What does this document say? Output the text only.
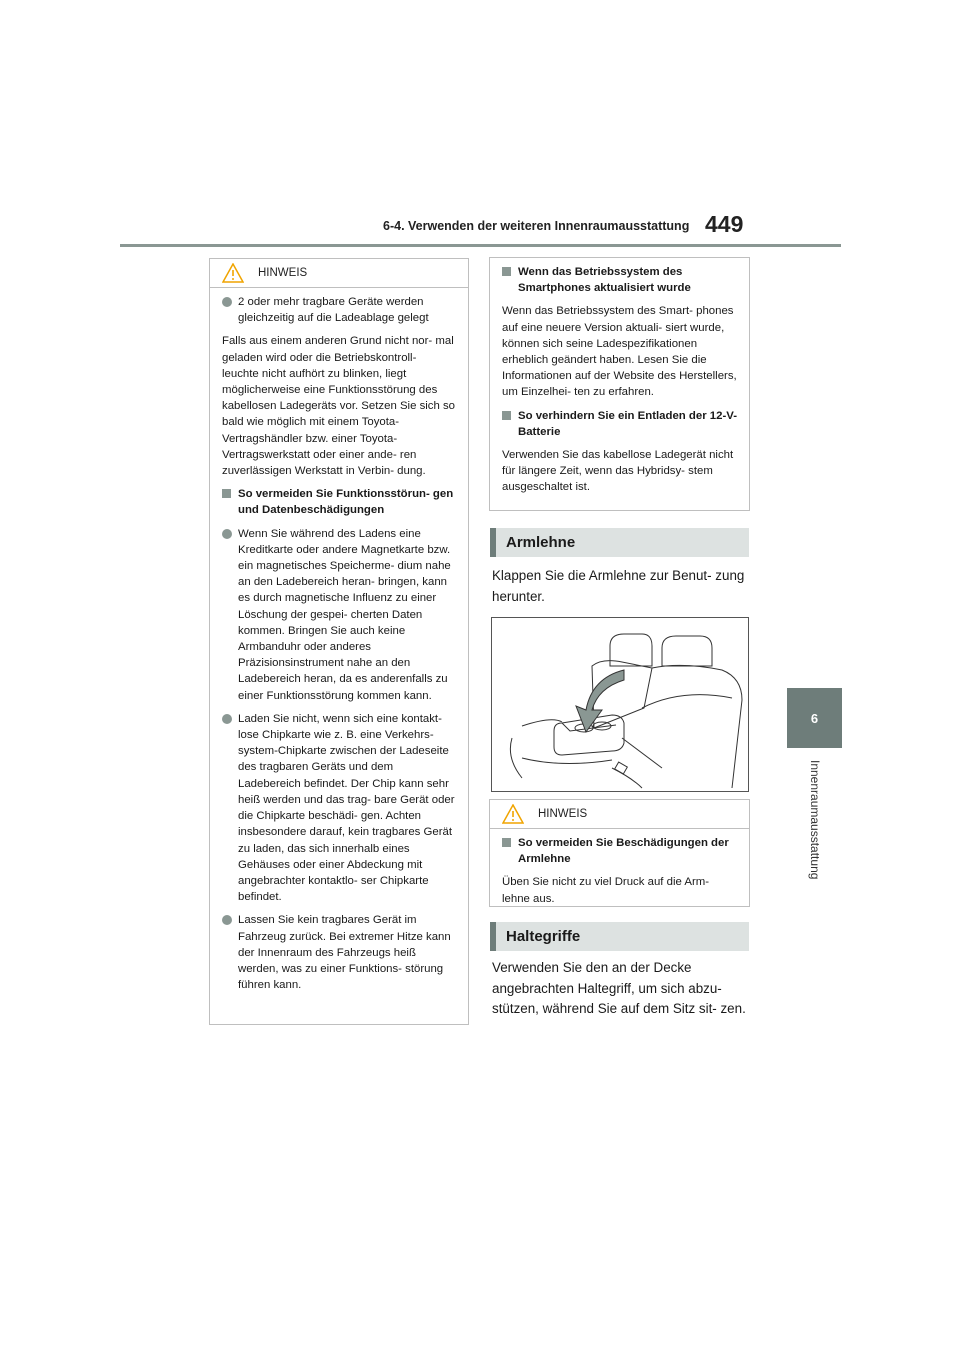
6-4. Verwenden der weiteren Innenraumausstattung 449
6
Innenraumausstattung
HINWEIS
2 oder mehr tragbare Geräte werden gleichzeitig auf die Ladeablage gelegt
Falls aus einem anderen Grund nicht nor- mal geladen wird oder die Betriebskontroll- leuchte nicht aufhört zu blinken, liegt möglicherweise eine Funktionsstörung des kabellosen Ladegeräts vor. Setzen Sie sich so bald wie möglich mit einem Toyota-Vertragshändler bzw. einer Toyota-Vertragswerkstatt oder einer ande- ren zuverlässigen Werkstatt in Verbin- dung.
So vermeiden Sie Funktionsstörun- gen und Datenbeschädigungen
Wenn Sie während des Ladens eine Kreditkarte oder andere Magnetkarte bzw. ein magnetisches Speicherme- dium nahe an den Ladebereich heran- bringen, kann es durch magnetische Influenz zu einer Löschung der gespei- cherten Daten kommen. Bringen Sie auch keine Armbanduhr oder anderes Präzisionsinstrument nahe an den Ladebereich heran, da es anderenfalls zu einer Funktionsstörung kommen kann.
Laden Sie nicht, wenn sich eine kontakt- lose Chipkarte wie z. B. eine Verkehrs- system-Chipkarte zwischen der Ladeseite des tragbaren Geräts und dem Ladebereich befindet. Der Chip kann sehr heiß werden und das trag- bare Gerät oder die Chipkarte beschädi- gen. Achten insbesondere darauf, kein tragbares Gerät zu laden, das sich innerhalb eines Gehäuses oder einer Abdeckung mit angebrachter kontaktlo- ser Chipkarte befindet.
Lassen Sie kein tragbares Gerät im Fahrzeug zurück. Bei extremer Hitze kann der Innenraum des Fahrzeugs heiß werden, was zu einer Funktions- störung führen kann.
Wenn das Betriebssystem des Smartphones aktualisiert wurde
Wenn das Betriebssystem des Smart- phones auf eine neuere Version aktuali- siert wurde, können sich seine Ladespezifikationen erheblich geändert haben. Lesen Sie die Informationen auf der Website des Herstellers, um Einzelhei- ten zu erfahren.
So verhindern Sie ein Entladen der 12-V-Batterie
Verwenden Sie das kabellose Ladegerät nicht für längere Zeit, wenn das Hybridsy- stem ausgeschaltet ist.
Armlehne
Klappen Sie die Armlehne zur Benut- zung herunter.
HINWEIS
So vermeiden Sie Beschädigungen der Armlehne
Üben Sie nicht zu viel Druck auf die Arm- lehne aus.
Haltegriffe
Verwenden Sie den an der Decke angebrachten Haltegriff, um sich abzu- stützen, während Sie auf dem Sitz sit- zen.
